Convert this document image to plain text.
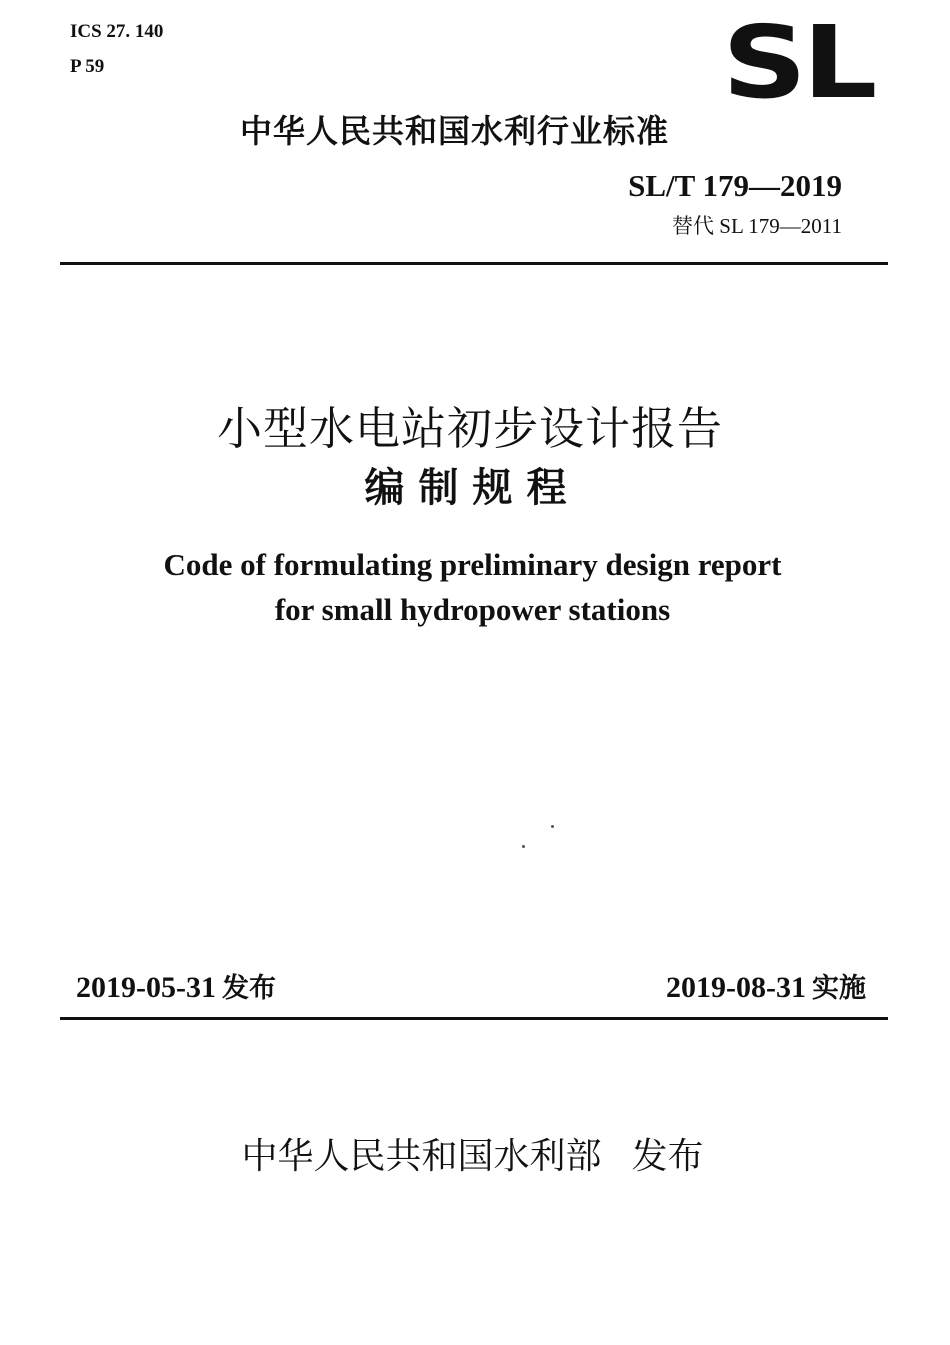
ICS 27. 140
P 59	SL
中华人民共和国水利行业标准
SL/T 179—2019
替代 SL 179—2011
小型水电站初步设计报告
编制规程
Code of formulating preliminary design report
for small hydropower stations
2019-05-31 发布	2019-08-31 实施
中华人民共和国水利部 发布
